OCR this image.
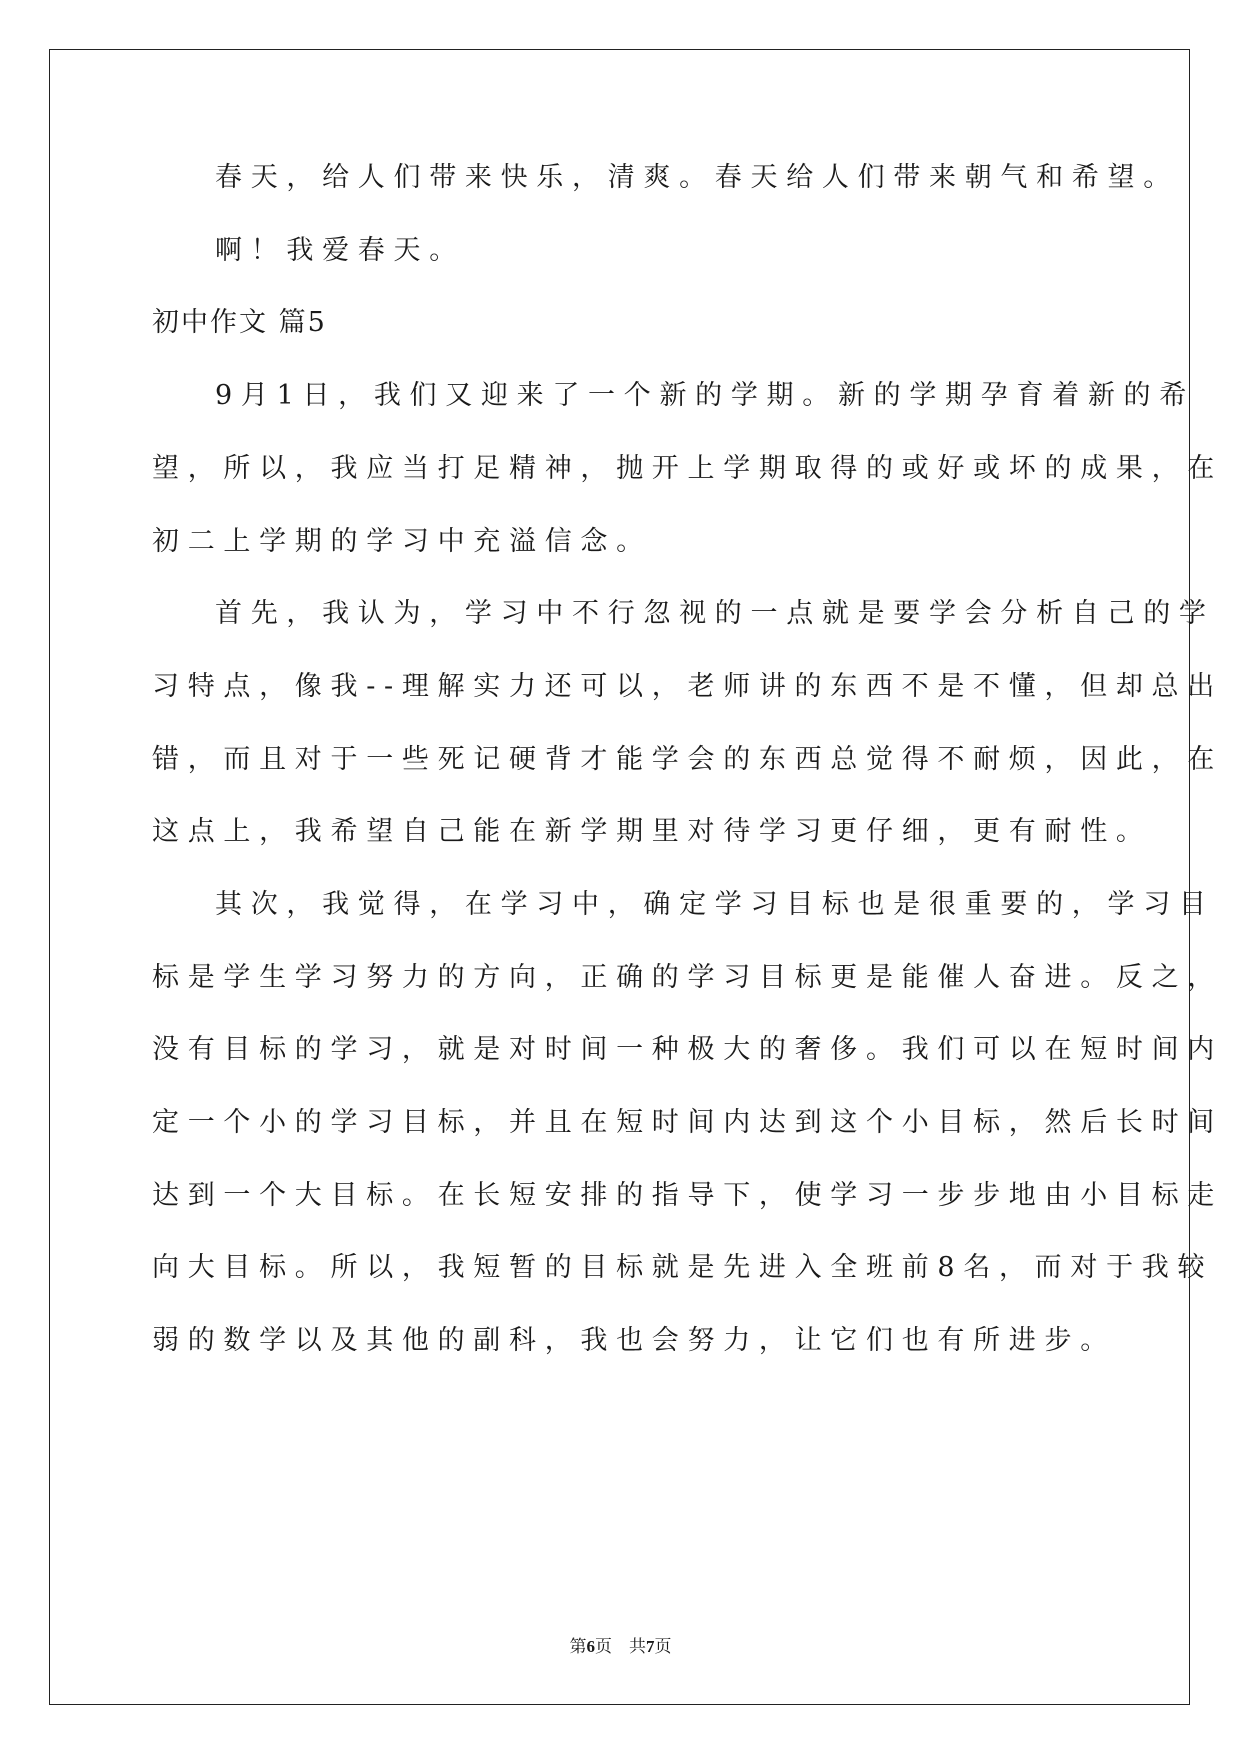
春天，给人们带来快乐，清爽。春天给人们带来朝气和希望。

啊！我爱春天。

初中作文 篇5

9月1日，我们又迎来了一个新的学期。新的学期孕育着新的希

望，所以，我应当打足精神，抛开上学期取得的或好或坏的成果，在

初二上学期的学习中充溢信念。

首先，我认为，学习中不行忽视的一点就是要学会分析自己的学

习特点，像我--理解实力还可以，老师讲的东西不是不懂，但却总出

错，而且对于一些死记硬背才能学会的东西总觉得不耐烦，因此，在

这点上，我希望自己能在新学期里对待学习更仔细，更有耐性。

其次，我觉得，在学习中，确定学习目标也是很重要的，学习目

标是学生学习努力的方向，正确的学习目标更是能催人奋进。反之，

没有目标的学习，就是对时间一种极大的奢侈。我们可以在短时间内

定一个小的学习目标，并且在短时间内达到这个小目标，然后长时间

达到一个大目标。在长短安排的指导下，使学习一步步地由小目标走

向大目标。所以，我短暂的目标就是先进入全班前8名，而对于我较

弱的数学以及其他的副科，我也会努力，让它们也有所进步。

第6页　共7页
